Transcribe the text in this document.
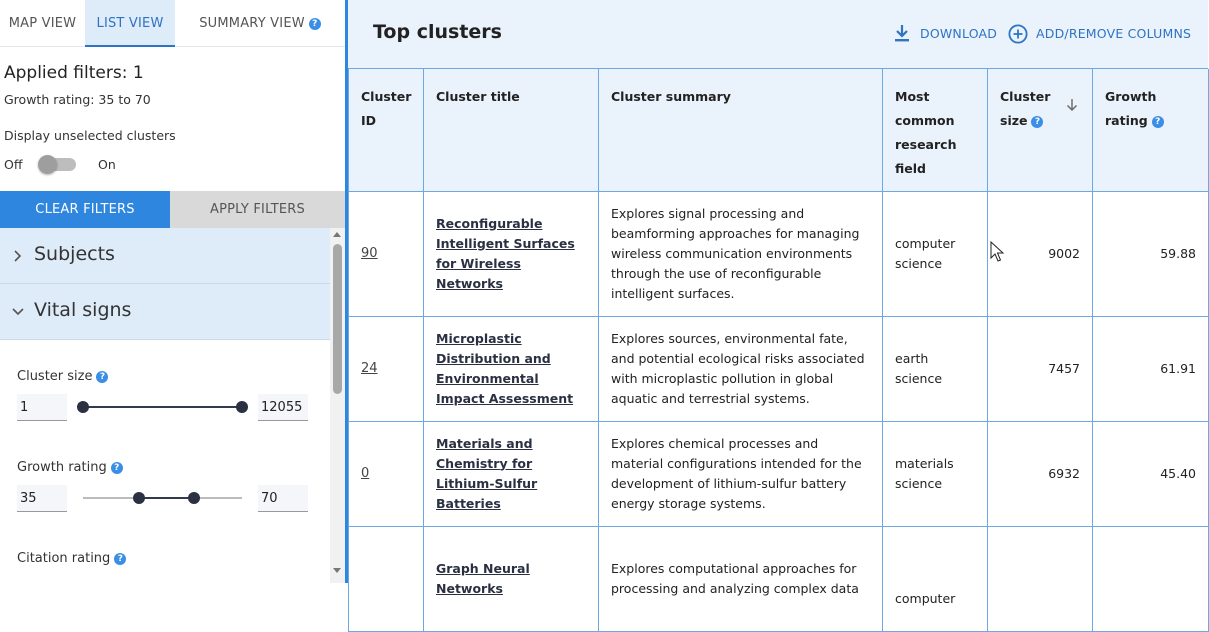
MAP VIEW	LIST VIEW	SUMMARY VIEW ?
Applied filters: 1
Growth rating: 35 to 70
Display unselected clusters
Off	On
CLEAR FILTERS	APPLY FILTERS
Subjects
Vital signs
Cluster size ?
1
12055
Growth rating ?
35
70
Citation rating ?
Top clusters	DOWNLOAD	ADD/REMOVE COLUMNS
Cluster ID	Cluster title	Cluster summary	Most common research field	Cluster size ?	Growth rating ?
90	Reconfigurable Intelligent Surfaces for Wireless Networks	Explores signal processing and beamforming approaches for managing wireless communication environments through the use of reconfigurable intelligent surfaces.	computer science	9002	59.88
24	Microplastic Distribution and Environmental Impact Assessment	Explores sources, environmental fate, and potential ecological risks associated with microplastic pollution in global aquatic and terrestrial systems.	earth science	7457	61.91
0	Materials and Chemistry for Lithium-Sulfur Batteries	Explores chemical processes and material configurations intended for the development of lithium-sulfur battery energy storage systems.	materials science	6932	45.40
	Graph Neural Networks	Explores computational approaches for processing and analyzing complex data	computer		
